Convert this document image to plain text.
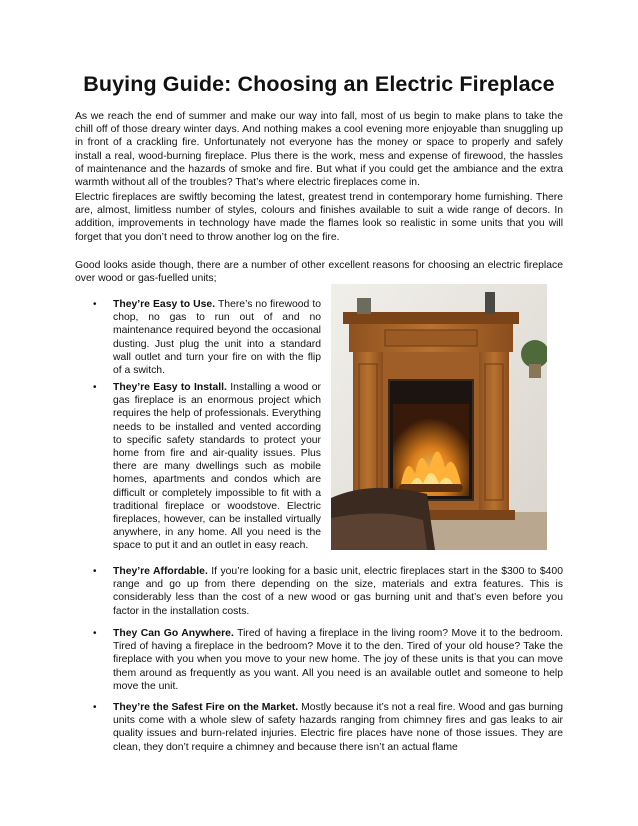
Buying Guide: Choosing an Electric Fireplace

As we reach the end of summer and make our way into fall, most of us begin to make plans to take the chill off of those dreary winter days. And nothing makes a cool evening more enjoyable than snuggling up in front of a crackling fire. Unfortunately not everyone has the money or space to properly and safely install a real, wood-burning fireplace. Plus there is the work, mess and expense of firewood, the hassles of maintenance and the hazards of smoke and fire. But what if you could get the ambiance and the extra warmth without all of the troubles? That’s where electric fireplaces come in.

Electric fireplaces are swiftly becoming the latest, greatest trend in contemporary home furnishing. There are, almost, limitless number of styles, colours and finishes available to suit a wide range of decors. In addition, improvements in technology have made the flames look so realistic in some units that you will forget that you don’t need to throw another log on the fire.

Good looks aside though, there are a number of other excellent reasons for choosing an electric fireplace over wood or gas-fuelled units;

• They’re Easy to Use. There’s no firewood to chop, no gas to run out of and no maintenance required beyond the occasional dusting. Just plug the unit into a standard wall outlet and turn your fire on with the flip of a switch.

• They’re Easy to Install. Installing a wood or gas fireplace is an enormous project which requires the help of professionals. Everything needs to be installed and vented according to specific safety standards to protect your home from fire and air-quality issues. Plus there are many dwellings such as mobile homes, apartments and condos which are difficult or completely impossible to fit with a traditional fireplace or woodstove. Electric fireplaces, however, can be installed virtually anywhere, in any home. All you need is the space to put it and an outlet in easy reach.

• They’re Affordable. If you’re looking for a basic unit, electric fireplaces start in the $300 to $400 range and go up from there depending on the size, materials and extra features. This is considerably less than the cost of a new wood or gas burning unit and that’s even before you factor in the installation costs.

• They Can Go Anywhere. Tired of having a fireplace in the living room? Move it to the bedroom. Tired of having a fireplace in the bedroom? Move it to the den. Tired of your old house? Take the fireplace with you when you move to your new home. The joy of these units is that you can move them around as frequently as you want. All you need is an available outlet and someone to help move the unit.

• They’re the Safest Fire on the Market. Mostly because it’s not a real fire. Wood and gas burning units come with a whole slew of safety hazards ranging from chimney fires and gas leaks to air quality issues and burn-related injuries. Electric fire places have none of those issues. They are clean, they don’t require a chimney and because there isn’t an actual flame
